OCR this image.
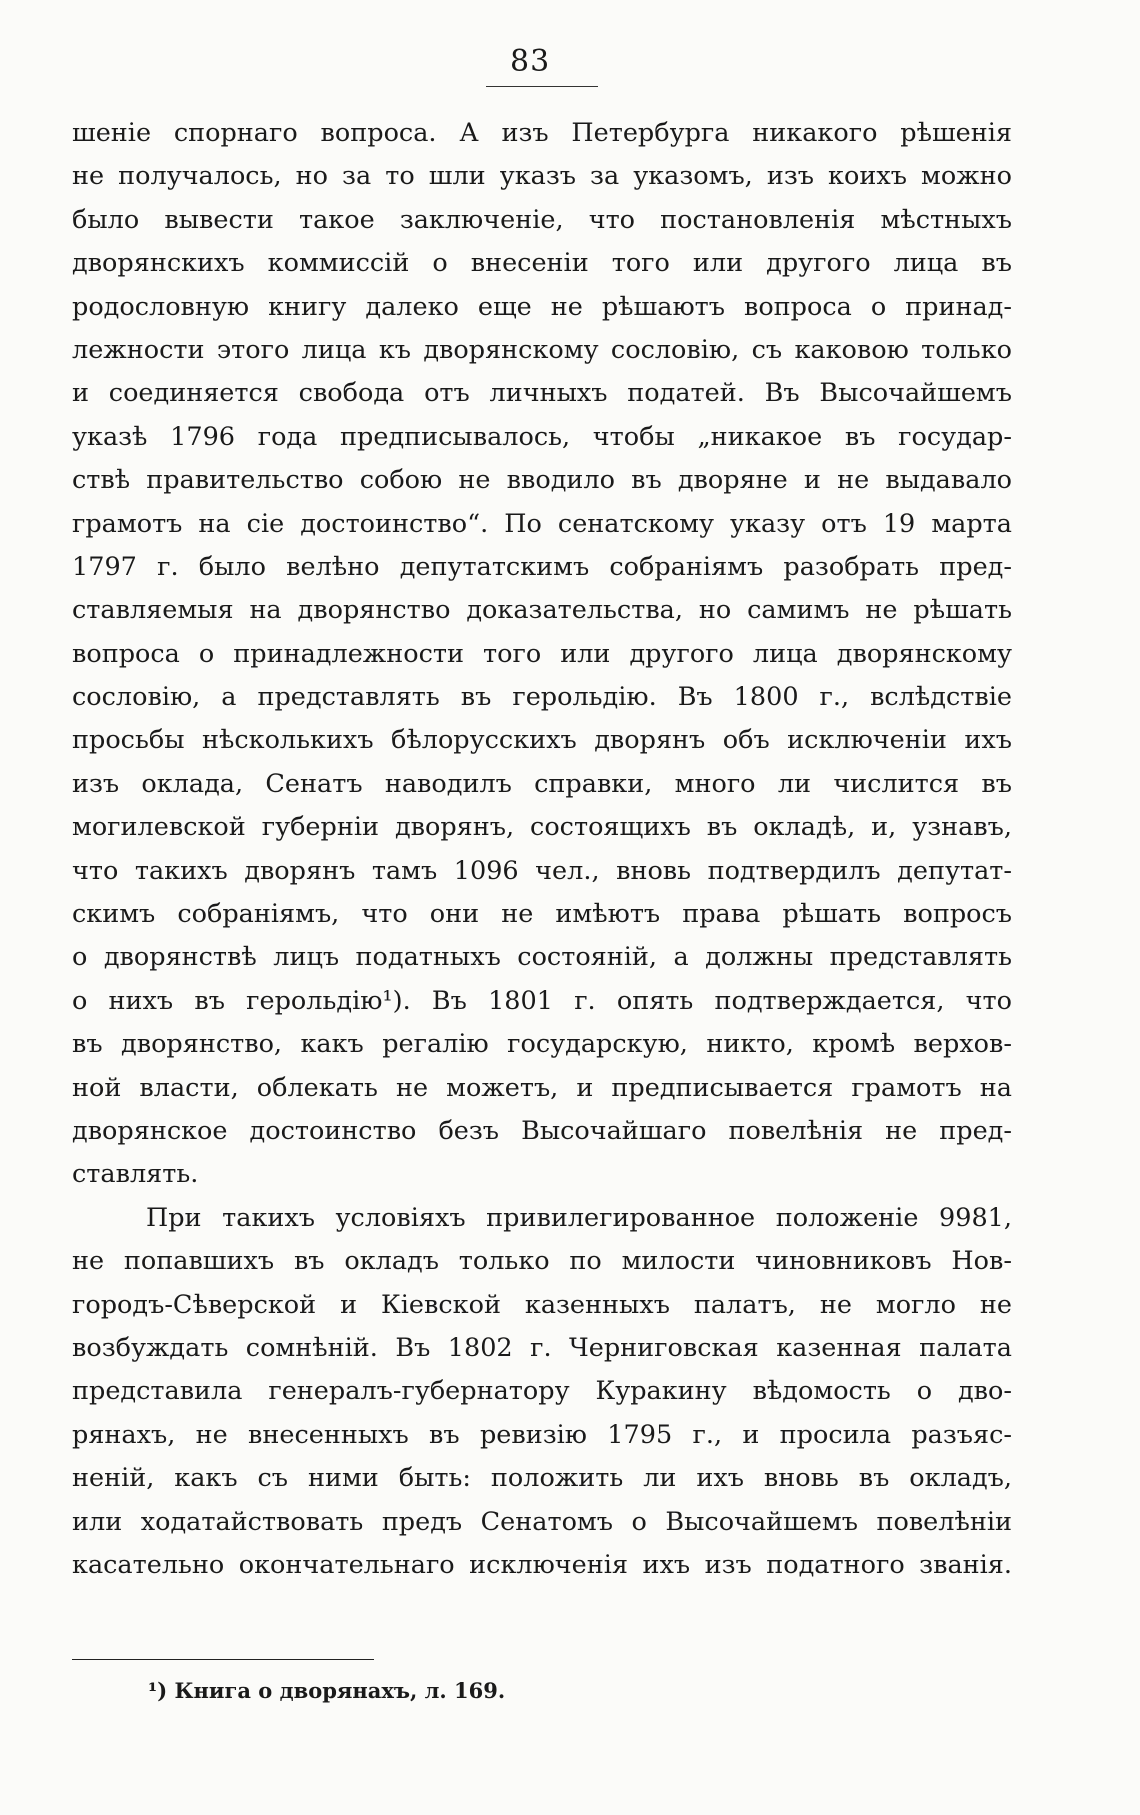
83
шеніе спорнаго вопроса. А изъ Петербурга никакого рѣшенія
не получалось, но за то шли указъ за указомъ, изъ коихъ можно
было вывести такое заключеніе, что постановленія мѣстныхъ
дворянскихъ коммиссій о внесеніи того или другого лица въ
родословную книгу далеко еще не рѣшаютъ вопроса о принад-
лежности этого лица къ дворянскому сословію, съ каковою только
и соединяется свобода отъ личныхъ податей. Въ Высочайшемъ
указѣ 1796 года предписывалось, чтобы „никакое въ государ-
ствѣ правительство собою не вводило въ дворяне и не выдавало
грамотъ на сіе достоинство“. По сенатскому указу отъ 19 марта
1797 г. было велѣно депутатскимъ собраніямъ разобрать пред-
ставляемыя на дворянство доказательства, но самимъ не рѣшать
вопроса о принадлежности того или другого лица дворянскому
сословію, а представлять въ герольдію. Въ 1800 г., вслѣдствіе
просьбы нѣсколькихъ бѣлорусскихъ дворянъ объ исключеніи ихъ
изъ оклада, Сенатъ наводилъ справки, много ли числится въ
могилевской губерніи дворянъ, состоящихъ въ окладѣ, и, узнавъ,
что такихъ дворянъ тамъ 1096 чел., вновь подтвердилъ депутат-
скимъ собраніямъ, что они не имѣютъ права рѣшать вопросъ
о дворянствѣ лицъ податныхъ состояній, а должны представлять
о нихъ въ герольдію¹). Въ 1801 г. опять подтверждается, что
въ дворянство, какъ регалію государскую, никто, кромѣ верхов-
ной власти, облекать не можетъ, и предписывается грамотъ на
дворянское достоинство безъ Высочайшаго повелѣнія не пред-
ставлять.
При такихъ условіяхъ привилегированное положеніе 9981,
не попавшихъ въ окладъ только по милости чиновниковъ Нов-
городъ-Сѣверской и Кіевской казенныхъ палатъ, не могло не
возбуждать сомнѣній. Въ 1802 г. Черниговская казенная палата
представила генералъ-губернатору Куракину вѣдомость о дво-
рянахъ, не внесенныхъ въ ревизію 1795 г., и просила разъяс-
неній, какъ съ ними быть: положить ли ихъ вновь въ окладъ,
или ходатайствовать предъ Сенатомъ о Высочайшемъ повелѣніи
касательно окончательнаго исключенія ихъ изъ податного званія.
¹) Книга о дворянахъ, л. 169.
